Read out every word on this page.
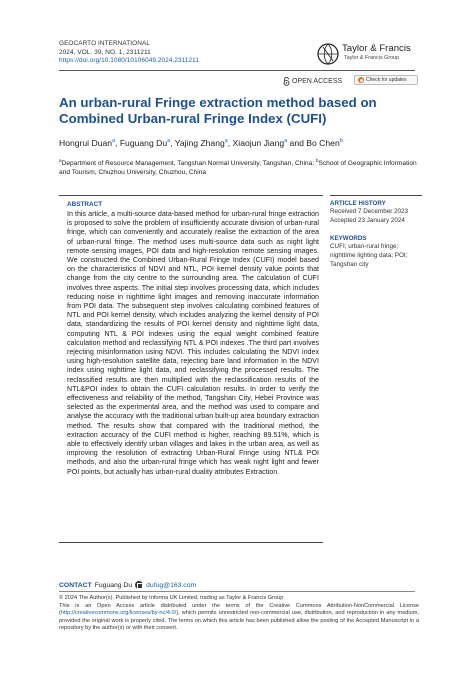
GEOCARTO INTERNATIONAL
2024, VOL. 39, NO. 1, 2311211
https://doi.org/10.1080/10106049.2024.2311211
Taylor & Francis
Taylor & Francis Group
OPEN ACCESS	Check for updates
An urban-rural Fringe extraction method based on Combined Urban-rural Fringe Index (CUFI)
Hongrui Duan$^a$, Fuguang Du$^a$, Yajing Zhang$^a$, Xiaojun Jiang$^a$ and Bo Chen$^b$
$^a$Department of Resource Management, Tangshan Normal University, Tangshan, China; $^b$School of Geographic Information and Tourism, Chuzhou University, Chuzhou, China
ABSTRACT

In this article, a multi-source data-based method for urban-rural fringe extraction is proposed to solve the problem of insufficiently accurate division of urban-rural fringe, which can conveniently and accurately realise the extraction of the area of urban-rural fringe. The method uses multi-source data such as night light remote sensing images, POI data and high-resolution remote sensing images. We constructed the Combined Urban-Rural Fringe Index (CUFI) model based on the characteristics of NDVI and NTL, POI kernel density value points that change from the city centre to the surrounding area. The calculation of CUFI involves three aspects. The initial step involves processing data, which includes reducing noise in nighttime light images and removing inaccurate information from POI data. The subsequent step involves calculating combined features of NTL and POI kernel density, which includes analyzing the kernel density of POI data, standardizing the results of POI kernel density and nighttime light data, computing NTL & POI indexes using the equal weight combined feature calculation method and reclassifying NTL & POI indexes .The third part involves rejecting misinformation using NDVI. This includes calculating the NDVI index using high-resolution satellite data, rejecting bare land information in the NDVI index using nighttime light data, and reclassifying the processed results. The reclassified results are then multiplied with the reclassification results of the NTL&POI index to obtain the CUFI calculation results. In order to verify the effectiveness and reliability of the method, Tangshan City, Hebei Province was selected as the experimental area, and the method was used to compare and analyse the accuracy with the traditional urban built-up area boundary extraction method. The results show that compared with the traditional method, the extraction accuracy of the CUFI method is higher, reaching 89.51%, which is able to effectively identify urban villages and lakes in the urban area, as well as improving the resolution of extracting Urban-Rural Fringe using NTL& POI methods, and also the urban-rural fringe which has weak night light and fewer POI points, but actually has urban-rural duality attributes Extraction.

ARTICLE HISTORY
Received 7 December 2023
Accepted 23 January 2024
KEYWORDS
CUFI; urban-rural fringe; nighttime lighting data; POI; Tangshan city
CONTACT Fuguang Du dufug@163.com
© 2024 The Author(s). Published by Informa UK Limited, trading as Taylor & Francis Group
This is an Open Access article distributed under the terms of the Creative Commons Attribution-NonCommercial License (http://creativecommons.org/licenses/by-nc/4.0/), which permits unrestricted non-commercial use, distribution, and reproduction in any medium, provided the original work is properly cited. The terms on which this article has been published allow the posting of the Accepted Manuscript in a repository by the author(s) or with their consent.
